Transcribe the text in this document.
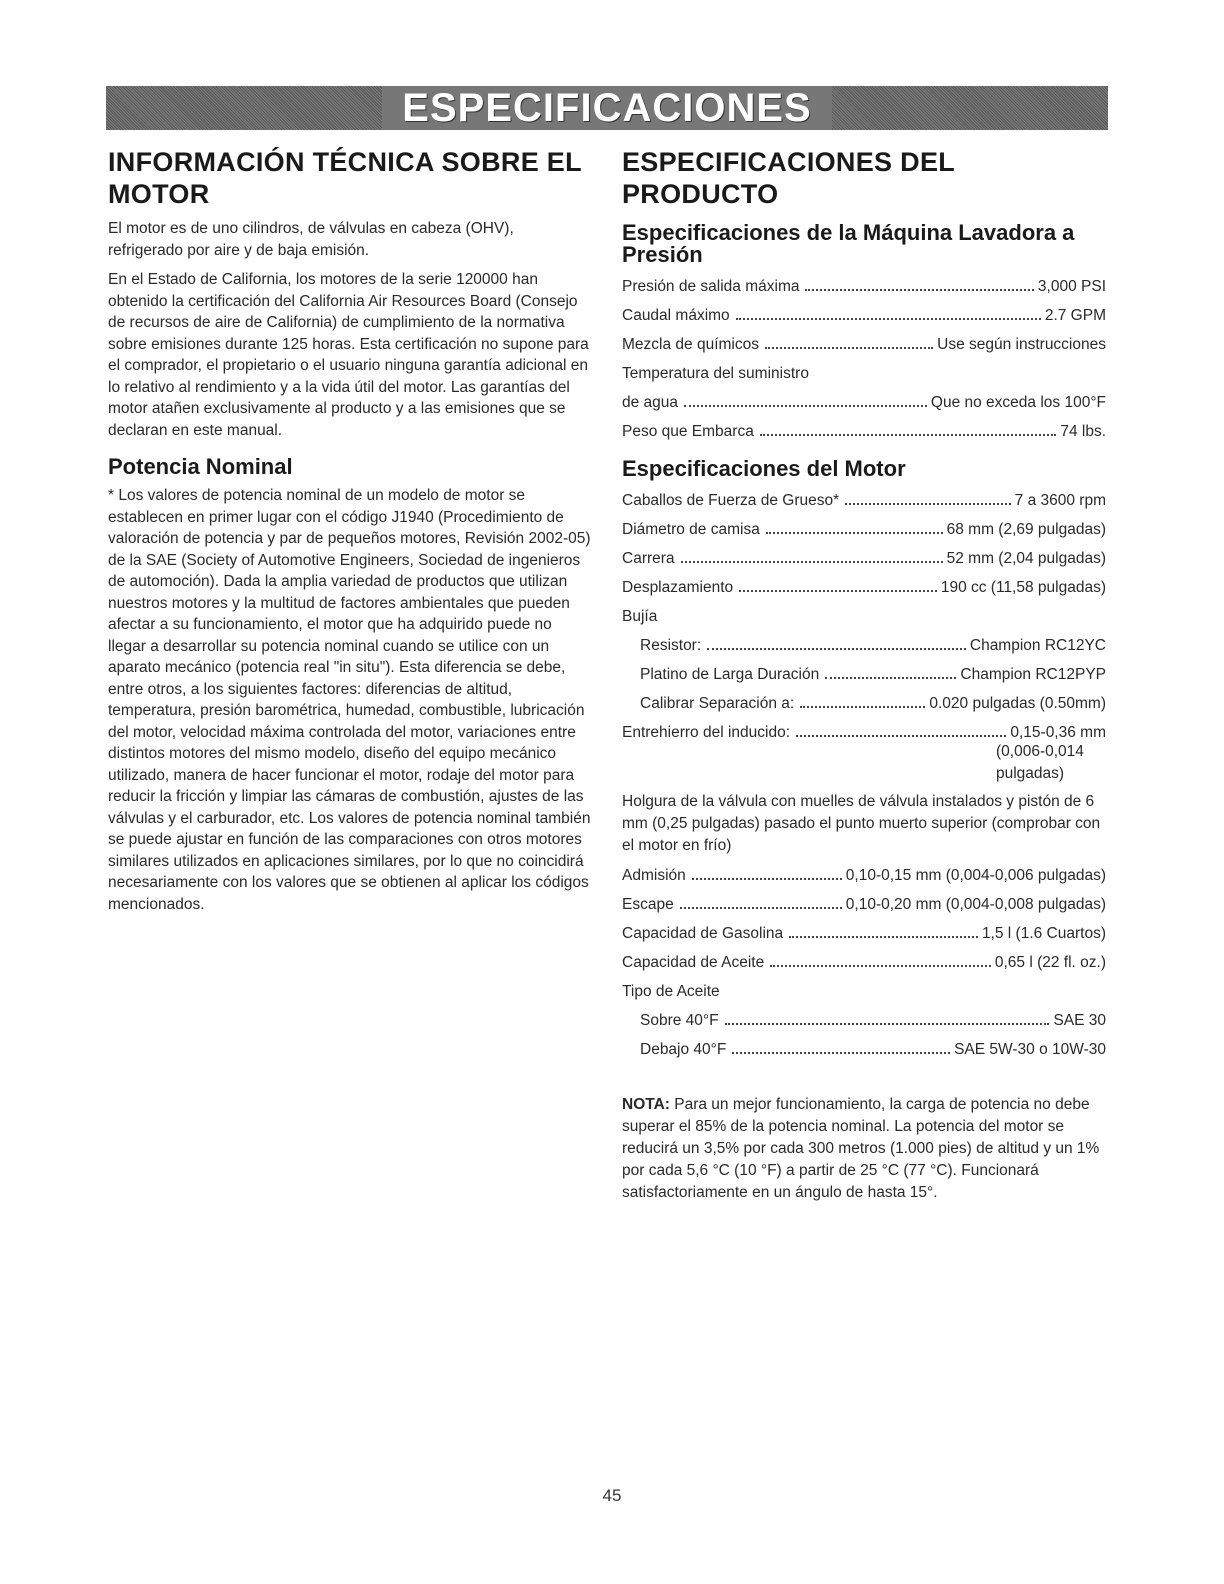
ESPECIFICACIONES
INFORMACIÓN TÉCNICA SOBRE EL MOTOR

El motor es de uno cilindros, de válvulas en cabeza (OHV), refrigerado por aire y de baja emisión.

En el Estado de California, los motores de la serie 120000 han obtenido la certificación del California Air Resources Board (Consejo de recursos de aire de California) de cumplimiento de la normativa sobre emisiones durante 125 horas. Esta certificación no supone para el comprador, el propietario o el usuario ninguna garantía adicional en lo relativo al rendimiento y a la vida útil del motor. Las garantías del motor atañen exclusivamente al producto y a las emisiones que se declaran en este manual.

Potencia Nominal

* Los valores de potencia nominal de un modelo de motor se establecen en primer lugar con el código J1940 (Procedimiento de valoración de potencia y par de pequeños motores, Revisión 2002-05) de la SAE (Society of Automotive Engineers, Sociedad de ingenieros de automoción). Dada la amplia variedad de productos que utilizan nuestros motores y la multitud de factores ambientales que pueden afectar a su funcionamiento, el motor que ha adquirido puede no llegar a desarrollar su potencia nominal cuando se utilice con un aparato mecánico (potencia real "in situ"). Esta diferencia se debe, entre otros, a los siguientes factores: diferencias de altitud, temperatura, presión barométrica, humedad, combustible, lubricación del motor, velocidad máxima controlada del motor, variaciones entre distintos motores del mismo modelo, diseño del equipo mecánico utilizado, manera de hacer funcionar el motor, rodaje del motor para reducir la fricción y limpiar las cámaras de combustión, ajustes de las válvulas y el carburador, etc. Los valores de potencia nominal también se puede ajustar en función de las comparaciones con otros motores similares utilizados en aplicaciones similares, por lo que no coincidirá necesariamente con los valores que se obtienen al aplicar los códigos mencionados.

ESPECIFICACIONES DEL PRODUCTO
Especificaciones de la Máquina Lavadora a Presión
Presión de salida máxima	3,000 PSI
Caudal máximo	2.7 GPM
Mezcla de químicos	Use según instrucciones
Temperatura del suministro
de agua	Que no exceda los 100°F
Peso que Embarca	74 lbs.
Especificaciones del Motor
Caballos de Fuerza de Grueso*	7 a 3600 rpm
Diámetro de camisa	68 mm (2,69 pulgadas)
Carrera	52 mm (2,04 pulgadas)
Desplazamiento	190 cc (11,58 pulgadas)
Bujía
Resistor:	Champion RC12YC
Platino de Larga Duración	Champion RC12PYP
Calibrar Separación a:	0.020 pulgadas (0.50mm)
Entrehierro del inducido:	0,15-0,36 mm
(0,006-0,014
pulgadas)
Holgura de la válvula con muelles de válvula instalados y pistón de 6 mm (0,25 pulgadas) pasado el punto muerto superior (comprobar con el motor en frío)
Admisión	0,10-0,15 mm (0,004-0,006 pulgadas)
Escape	0,10-0,20 mm (0,004-0,008 pulgadas)
Capacidad de Gasolina	1,5 l (1.6 Cuartos)
Capacidad de Aceite	0,65 l (22 fl. oz.)
Tipo de Aceite
Sobre 40°F	SAE 30
Debajo 40°F	SAE 5W-30 o 10W-30
NOTA: Para un mejor funcionamiento, la carga de potencia no debe superar el 85% de la potencia nominal. La potencia del motor se reducirá un 3,5% por cada 300 metros (1.000 pies) de altitud y un 1% por cada 5,6 °C (10 °F) a partir de 25 °C (77 °C). Funcionará satisfactoriamente en un ángulo de hasta 15°.
45
